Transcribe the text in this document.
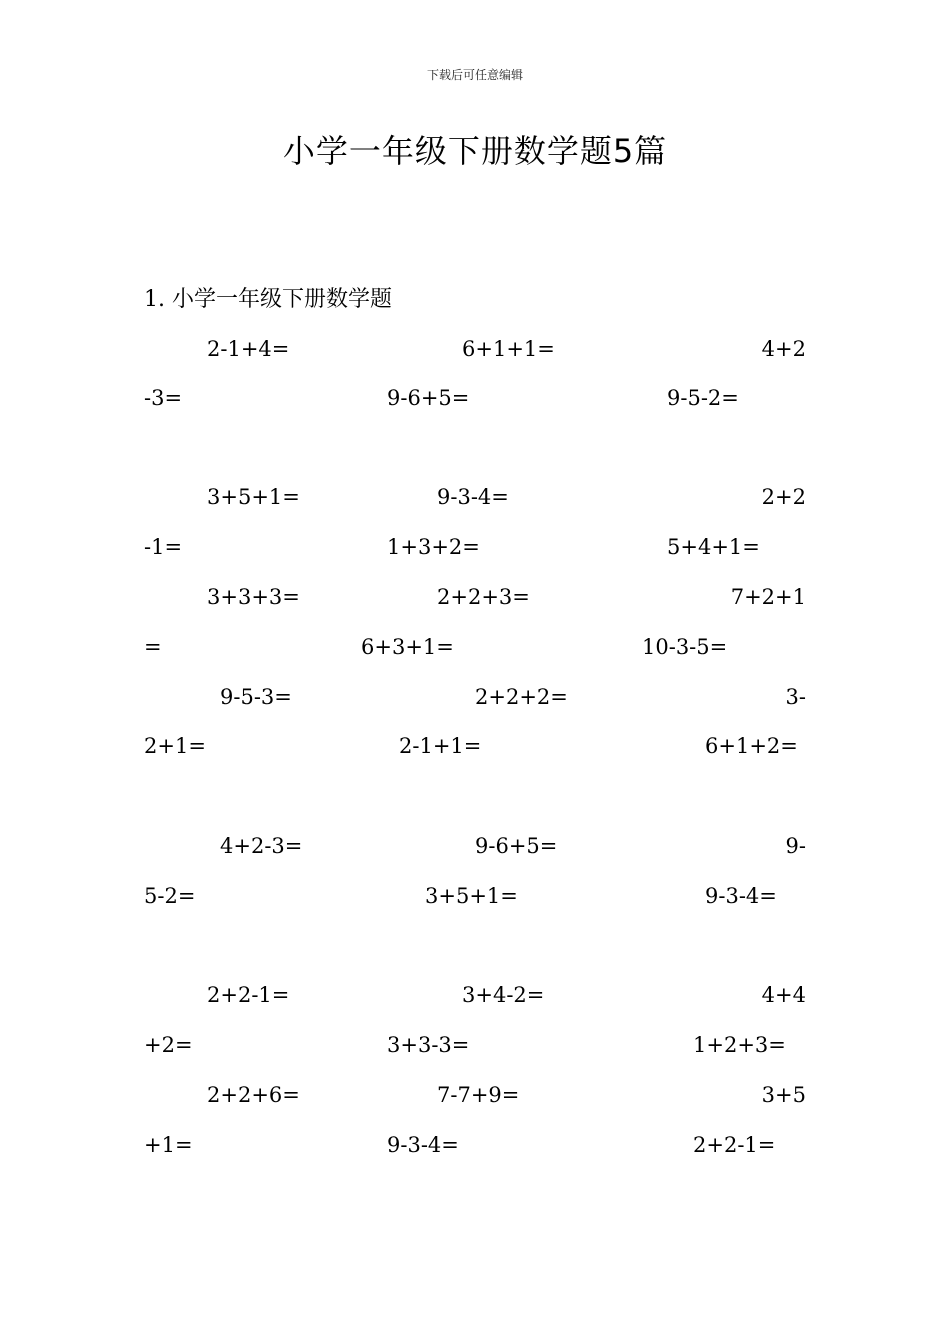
下载后可任意编辑
小学一年级下册数学题5篇
1. 小学一年级下册数学题
2-1+4=	6+1+1=	4+2
-3=	9-6+5=	9-5-2=
3+5+1=	9-3-4=	2+2
-1=	1+3+2=	5+4+1=
3+3+3=	2+2+3=	7+2+1
=	6+3+1=	10-3-5=
9-5-3=	2+2+2=	3-
2+1=	2-1+1=	6+1+2=
4+2-3=	9-6+5=	9-
5-2=	3+5+1=	9-3-4=
2+2-1=	3+4-2=	4+4
+2=	3+3-3=	1+2+3=
2+2+6=	7-7+9=	3+5
+1=	9-3-4=	2+2-1=
